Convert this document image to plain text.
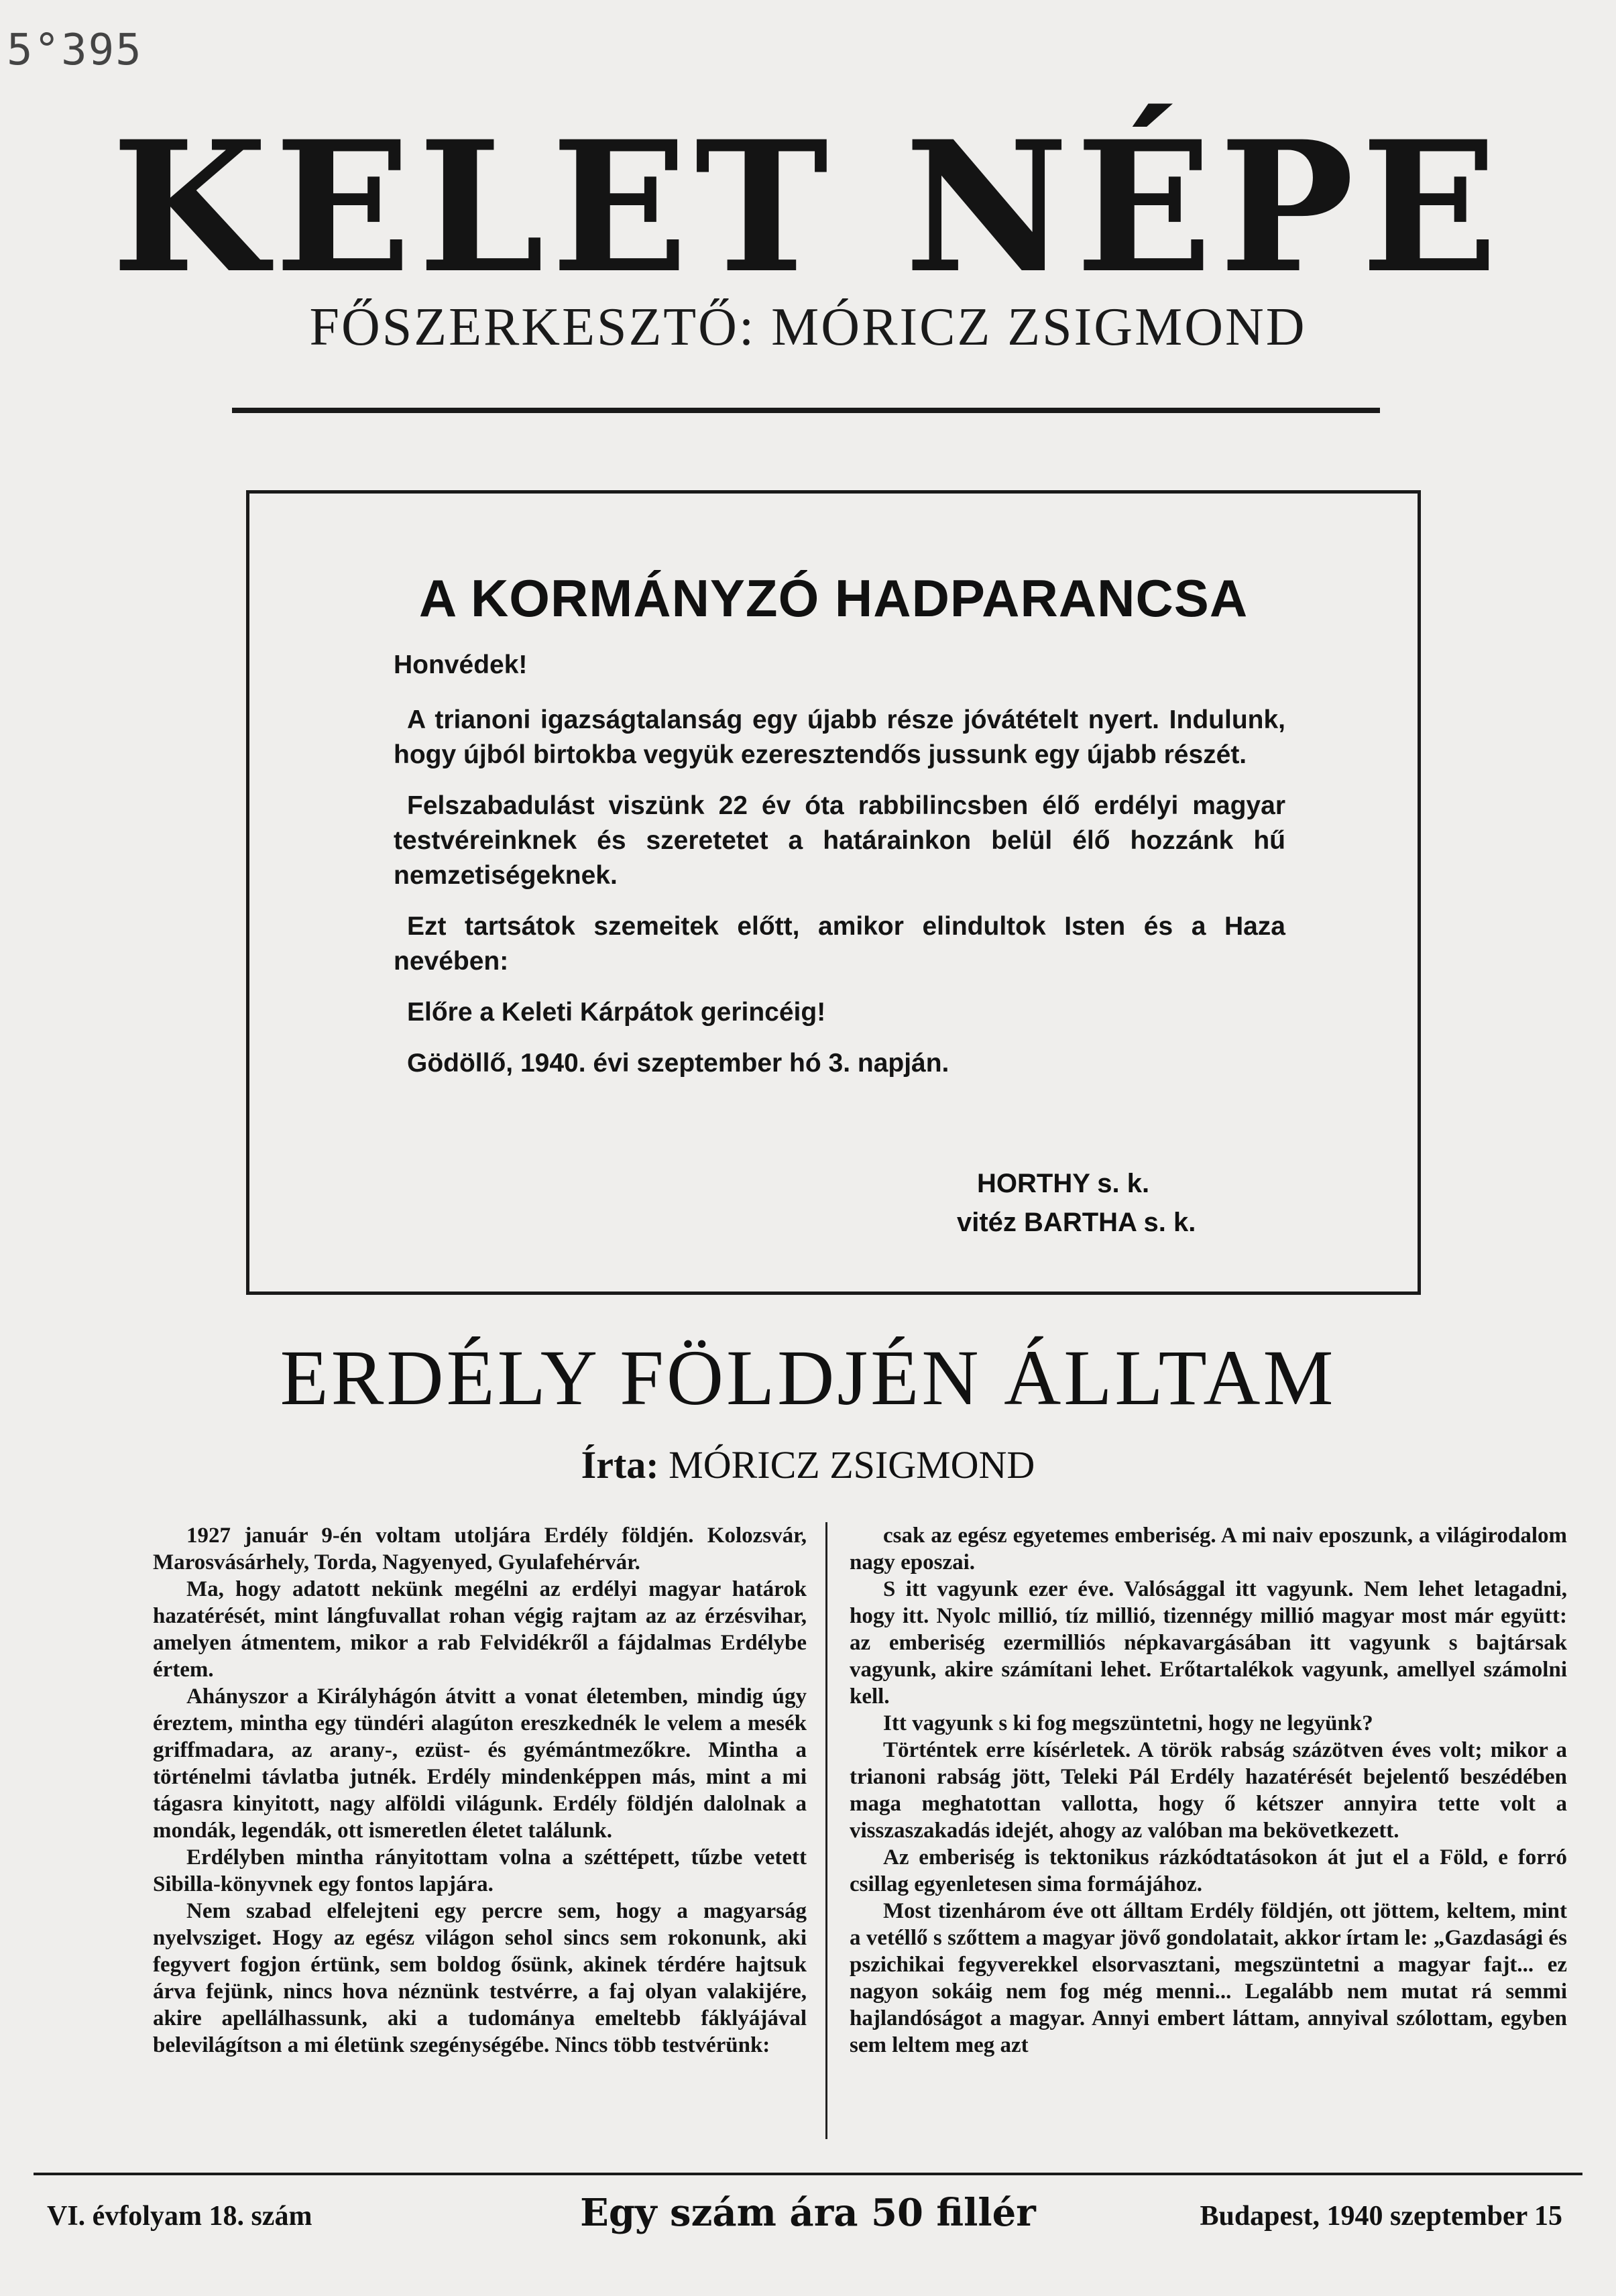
5°395
KELET NÉPE
FŐSZERKESZTŐ: MÓRICZ ZSIGMOND
A KORMÁNYZÓ HADPARANCSA

Honvédek!

A trianoni igazságtalanság egy újabb része jóvátételt nyert. Indulunk, hogy újból birtokba vegyük ezeresztendős jussunk egy újabb részét.

Felszabadulást viszünk 22 év óta rabbilincsben élő erdélyi magyar testvéreinknek és szeretetet a határainkon belül élő hozzánk hű nemzetiségeknek.

Ezt tartsátok szemeitek előtt, amikor elindultok Isten és a Haza nevében:

Előre a Keleti Kárpátok gerincéig!

Gödöllő, 1940. évi szeptember hó 3. napján.

HORTHY s. k.
vitéz BARTHA s. k.
ERDÉLY FÖLDJÉN ÁLLTAM
Írta: MÓRICZ ZSIGMOND

1927 január 9-én voltam utoljára Erdély földjén. Kolozsvár, Marosvásárhely, Torda, Nagyenyed, Gyulafehérvár.

Ma, hogy adatott nekünk megélni az erdélyi magyar határok hazatérését, mint lángfuvallat rohan végig rajtam az az érzésvihar, amelyen átmentem, mikor a rab Felvidékről a fájdalmas Erdélybe értem.

Ahányszor a Királyhágón átvitt a vonat életemben, mindig úgy éreztem, mintha egy tündéri alagúton ereszkednék le velem a mesék griffmadara, az arany-, ezüst- és gyémántmezőkre. Mintha a történelmi távlatba jutnék. Erdély mindenképpen más, mint a mi tágasra kinyitott, nagy alföldi világunk. Erdély földjén dalolnak a mondák, legendák, ott ismeretlen életet találunk.

Erdélyben mintha rányitottam volna a széttépett, tűzbe vetett Sibilla-könyvnek egy fontos lapjára.

Nem szabad elfelejteni egy percre sem, hogy a magyarság nyelvsziget. Hogy az egész világon sehol sincs sem rokonunk, aki fegyvert fogjon értünk, sem boldog ősünk, akinek térdére hajtsuk árva fejünk, nincs hova néznünk testvérre, a faj olyan valakijére, akire apellálhassunk, aki a tudománya emeltebb fáklyájával belevilágítson a mi életünk szegénységébe. Nincs több testvérünk:

csak az egész egyetemes emberiség. A mi naiv eposzunk, a világirodalom nagy eposzai.

S itt vagyunk ezer éve. Valósággal itt vagyunk. Nem lehet letagadni, hogy itt. Nyolc millió, tíz millió, tizennégy millió magyar most már együtt: az emberiség ezermilliós népkavargásában itt vagyunk s bajtársak vagyunk, akire számítani lehet. Erőtartalékok vagyunk, amellyel számolni kell.

Itt vagyunk s ki fog megszüntetni, hogy ne legyünk?

Történtek erre kísérletek. A török rabság százötven éves volt; mikor a trianoni rabság jött, Teleki Pál Erdély hazatérését bejelentő beszédében maga meghatottan vallotta, hogy ő kétszer annyira tette volt a visszaszakadás idejét, ahogy az valóban ma bekövetkezett.

Az emberiség is tektonikus rázkódtatásokon át jut el a Föld, e forró csillag egyenletesen sima formájához.

Most tizenhárom éve ott álltam Erdély földjén, ott jöttem, keltem, mint a vetéllő s szőttem a magyar jövő gondolatait, akkor írtam le: „Gazdasági és pszichikai fegyverekkel elsorvasztani, megszüntetni a magyar fajt... ez nagyon sokáig nem fog még menni... Legalább nem mutat rá semmi hajlandóságot a magyar. Annyi embert láttam, annyival szólottam, egyben sem leltem meg azt

VI. évfolyam 18. szám	Egy szám ára 50 fillér	Budapest, 1940 szeptember 15
